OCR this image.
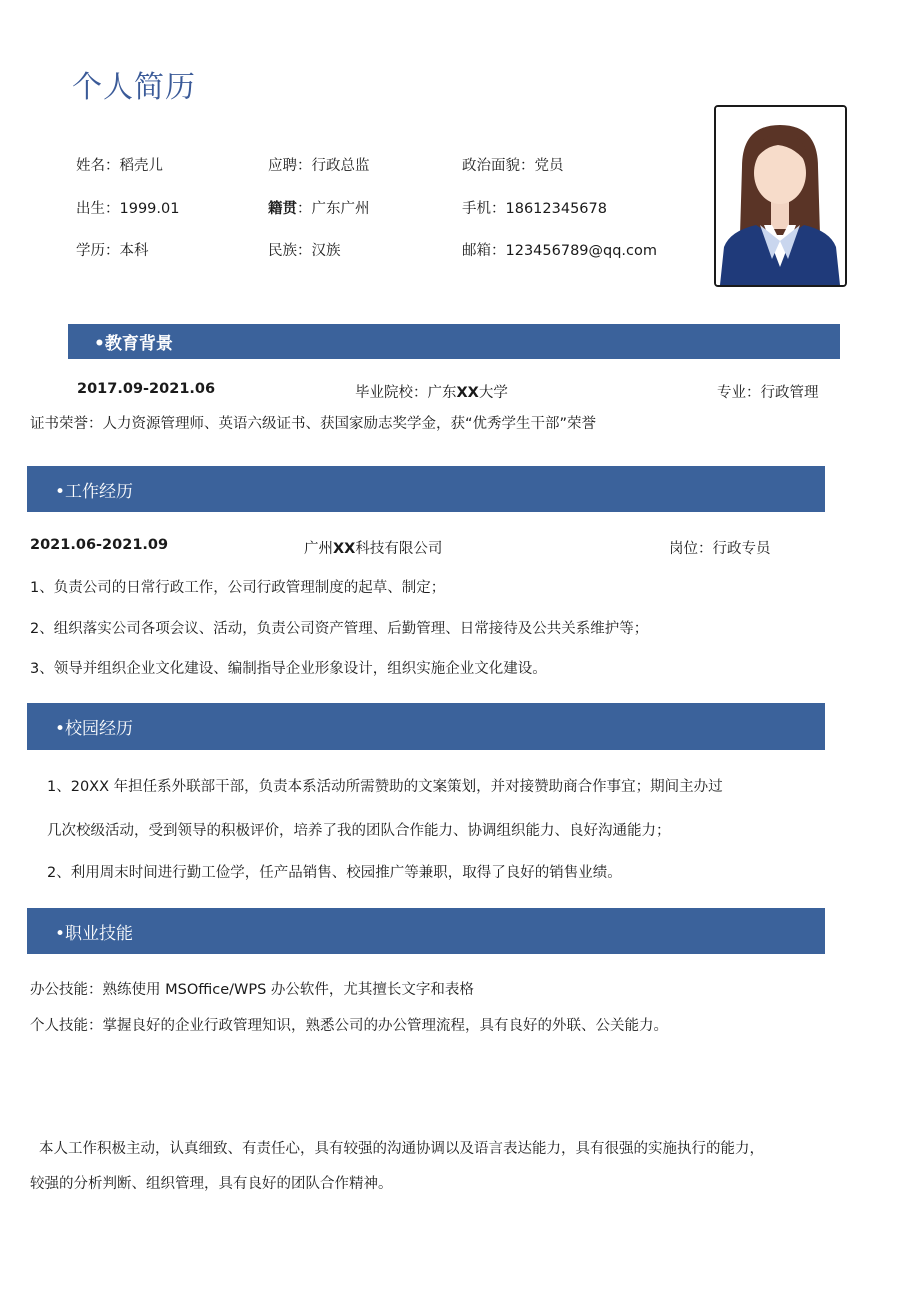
个人简历
姓名：稻壳儿	应聘：行政总监	政治面貌：党员
出生：1999.01	籍贯：广东广州	手机：18612345678
学历：本科	民族：汉族	邮箱：123456789@qq.com
•教育背景
2017.09-2021.06	毕业院校：广东XX大学	专业：行政管理
证书荣誉：人力资源管理师、英语六级证书、获国家励志奖学金，获“优秀学生干部”荣誉
•工作经历
2021.06-2021.09	广州XX科技有限公司	岗位：行政专员
1、负责公司的日常行政工作，公司行政管理制度的起草、制定；
2、组织落实公司各项会议、活动，负责公司资产管理、后勤管理、日常接待及公共关系维护等；
3、领导并组织企业文化建设、编制指导企业形象设计，组织实施企业文化建设。
•校园经历
1、20XX 年担任系外联部干部，负责本系活动所需赞助的文案策划，并对接赞助商合作事宜；期间主办过
几次校级活动，受到领导的积极评价，培养了我的团队合作能力、协调组织能力、良好沟通能力；
2、利用周末时间进行勤工俭学，任产品销售、校园推广等兼职，取得了良好的销售业绩。
•职业技能
办公技能：熟练使用 MSOffice/WPS 办公软件，尤其擅长文字和表格
个人技能：掌握良好的企业行政管理知识，熟悉公司的办公管理流程，具有良好的外联、公关能力。
本人工作积极主动，认真细致、有责任心，具有较强的沟通协调以及语言表达能力，具有很强的实施执行的能力，
较强的分析判断、组织管理，具有良好的团队合作精神。
